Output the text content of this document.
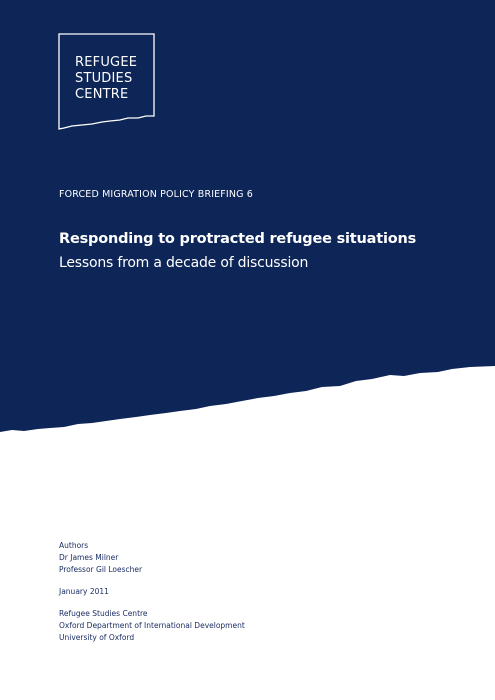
REFUGEE
STUDIES
CENTRE
FORCED MIGRATION POLICY BRIEFING 6
Responding to protracted refugee situations
Lessons from a decade of discussion
Authors
Dr James Milner
Professor Gil Loescher
January 2011
Refugee Studies Centre
Oxford Department of International Development
University of Oxford
